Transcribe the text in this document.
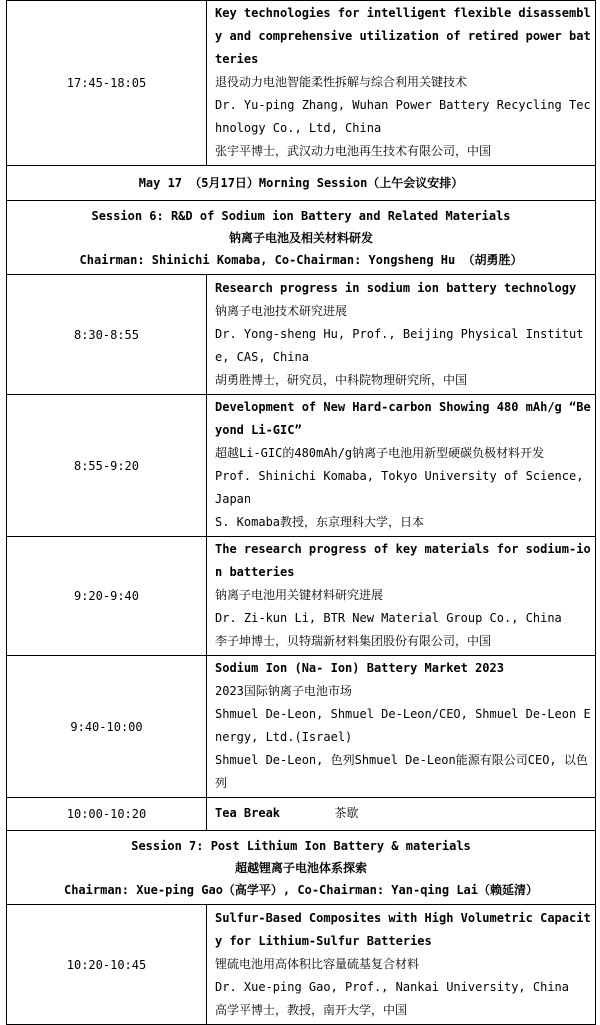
17:45-18:05	Key technologies for intelligent flexible disassembly and comprehensive utilization of retired power batteries
退役动力电池智能柔性拆解与综合利用关键技术
Dr. Yu-ping Zhang, Wuhan Power Battery Recycling Technology Co., Ltd, China
张宇平博士，武汉动力电池再生技术有限公司，中国

May 17 （5月17日）Morning Session（上午会议安排）	

Session 6: R&D of Sodium ion Battery and Related Materials
钠离子电池及相关材料研发
Chairman: Shinichi Komaba, Co-Chairman: Yongsheng Hu （胡勇胜）	

8:30-8:55	Research progress in sodium ion battery technology
钠离子电池技术研究进展
Dr. Yong-sheng Hu, Prof., Beijing Physical Institute, CAS, China
胡勇胜博士，研究员，中科院物理研究所，中国

8:55-9:20	Development of New Hard-carbon Showing 480 mAh/g “Beyond Li-GIC”
超越Li-GIC的480mAh/g钠离子电池用新型硬碳负极材料开发
Prof. Shinichi Komaba, Tokyo University of Science, Japan
S. Komaba教授，东京理科大学，日本

9:20-9:40	The research progress of key materials for sodium-ion batteries
钠离子电池用关键材料研究进展
Dr. Zi-kun Li, BTR New Material Group Co., China
李子坤博士，贝特瑞新材料集团股份有限公司，中国

9:40-10:00	Sodium Ion (Na- Ion) Battery Market 2023
2023国际钠离子电池市场
Shmuel De-Leon, Shmuel De-Leon/CEO, Shmuel De-Leon Energy, Ltd.(Israel)
Shmuel De-Leon, 色列Shmuel De-Leon能源有限公司CEO, 以色列

10:00-10:20	Tea Break 茶歇

Session 7: Post Lithium Ion Battery & materials
超越锂离子电池体系探索
Chairman: Xue-ping Gao（高学平）, Co-Chairman: Yan-qing Lai（赖延清）	

10:20-10:45	Sulfur-Based Composites with High Volumetric Capacity for Lithium-Sulfur Batteries
锂硫电池用高体积比容量硫基复合材料
Dr. Xue-ping Gao, Prof., Nankai University, China
高学平博士，教授，南开大学，中国
